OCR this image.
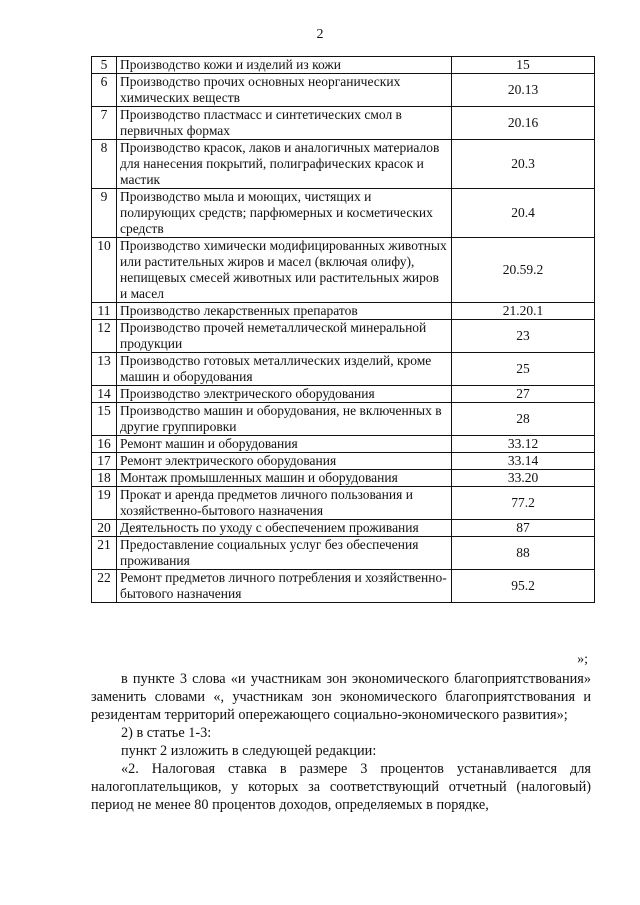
2
5	Производство кожи и изделий из кожи	15
6	Производство прочих основных неорганических химических веществ	20.13
7	Производство пластмасс и синтетических смол в первичных формах	20.16
8	Производство красок, лаков и аналогичных материалов для нанесения покрытий, полиграфических красок и мастик	20.3
9	Производство мыла и моющих, чистящих и полирующих средств; парфюмерных и косметических средств	20.4
10	Производство химически модифицированных животных или растительных жиров и масел (включая олифу), непищевых смесей животных или растительных жиров и масел	20.59.2
11	Производство лекарственных препаратов	21.20.1
12	Производство прочей неметаллической минеральной продукции	23
13	Производство готовых металлических изделий, кроме машин и оборудования	25
14	Производство электрического оборудования	27
15	Производство машин и оборудования, не включенных в другие группировки	28
16	Ремонт машин и оборудования	33.12
17	Ремонт электрического оборудования	33.14
18	Монтаж промышленных машин и оборудования	33.20
19	Прокат и аренда предметов личного пользования и хозяйственно-бытового назначения	77.2
20	Деятельность по уходу с обеспечением проживания	87
21	Предоставление социальных услуг без обеспечения проживания	88
22	Ремонт предметов личного потребления и хозяйственно-бытового назначения	95.2
»;

в пункте 3 слова «и участникам зон экономического благоприятствования» заменить словами «, участникам зон экономического благоприятствования и резидентам территорий опережающего социально-экономического развития»;

2) в статье 1-3:

пункт 2 изложить в следующей редакции:

«2. Налоговая ставка в размере 3 процентов устанавливается для налогоплательщиков, у которых за соответствующий отчетный (налоговый) период не менее 80 процентов доходов, определяемых в порядке,
